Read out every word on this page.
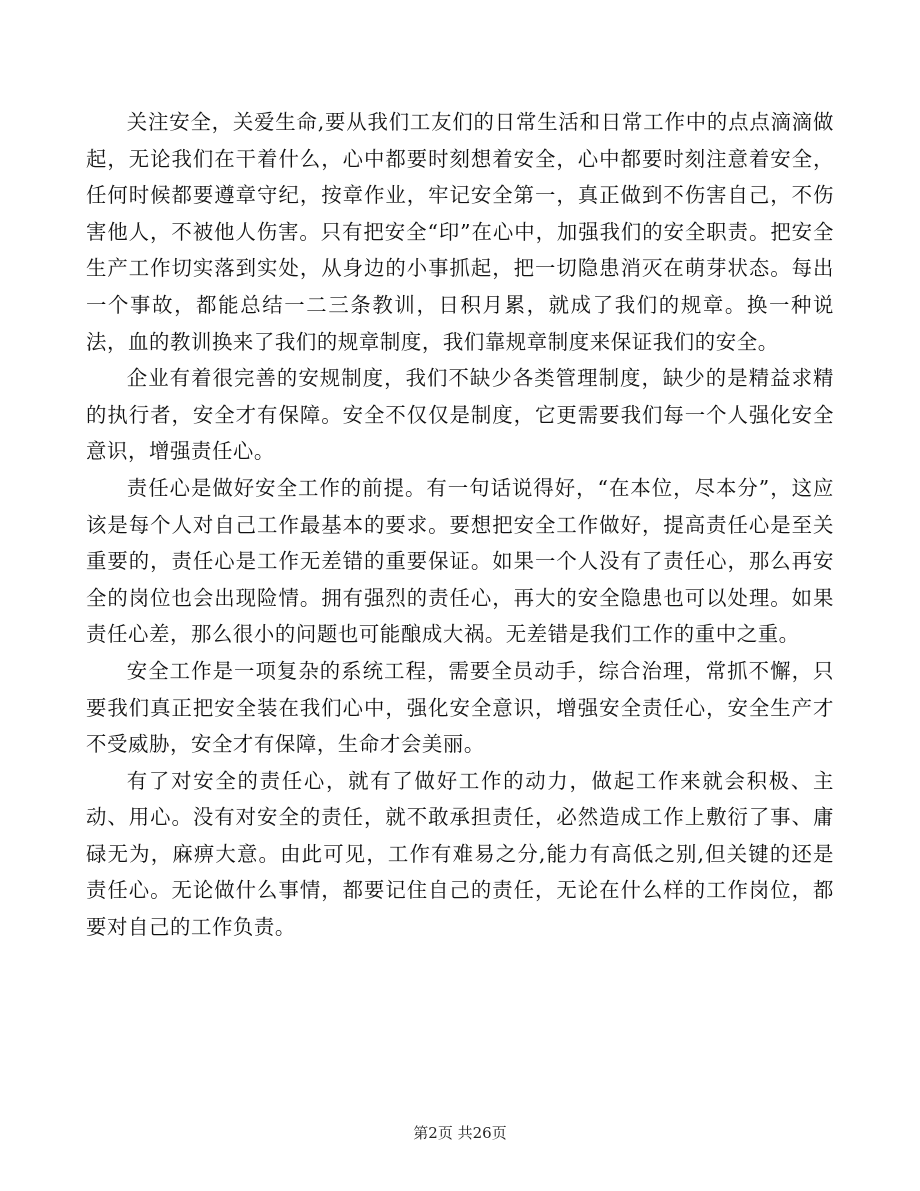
关注安全，关爱生命,要从我们工友们的日常生活和日常工作中的点点滴滴做起，无论我们在干着什么，心中都要时刻想着安全，心中都要时刻注意着安全，任何时候都要遵章守纪，按章作业，牢记安全第一，真正做到不伤害自己，不伤害他人，不被他人伤害。只有把安全“印”在心中，加强我们的安全职责。把安全生产工作切实落到实处，从身边的小事抓起，把一切隐患消灭在萌芽状态。每出一个事故，都能总结一二三条教训，日积月累，就成了我们的规章。换一种说法，血的教训换来了我们的规章制度，我们靠规章制度来保证我们的安全。

企业有着很完善的安规制度，我们不缺少各类管理制度，缺少的是精益求精的执行者，安全才有保障。安全不仅仅是制度，它更需要我们每一个人强化安全意识，增强责任心。

责任心是做好安全工作的前提。有一句话说得好，“在本位，尽本分”，这应该是每个人对自己工作最基本的要求。要想把安全工作做好，提高责任心是至关重要的，责任心是工作无差错的重要保证。如果一个人没有了责任心，那么再安全的岗位也会出现险情。拥有强烈的责任心，再大的安全隐患也可以处理。如果责任心差，那么很小的问题也可能酿成大祸。无差错是我们工作的重中之重。

安全工作是一项复杂的系统工程，需要全员动手，综合治理，常抓不懈，只要我们真正把安全装在我们心中，强化安全意识，增强安全责任心，安全生产才不受威胁，安全才有保障，生命才会美丽。

有了对安全的责任心，就有了做好工作的动力，做起工作来就会积极、主动、用心。没有对安全的责任，就不敢承担责任，必然造成工作上敷衍了事、庸碌无为，麻痹大意。由此可见，工作有难易之分,能力有高低之别,但关键的还是责任心。无论做什么事情，都要记住自己的责任，无论在什么样的工作岗位，都要对自己的工作负责。

第2页 共26页
